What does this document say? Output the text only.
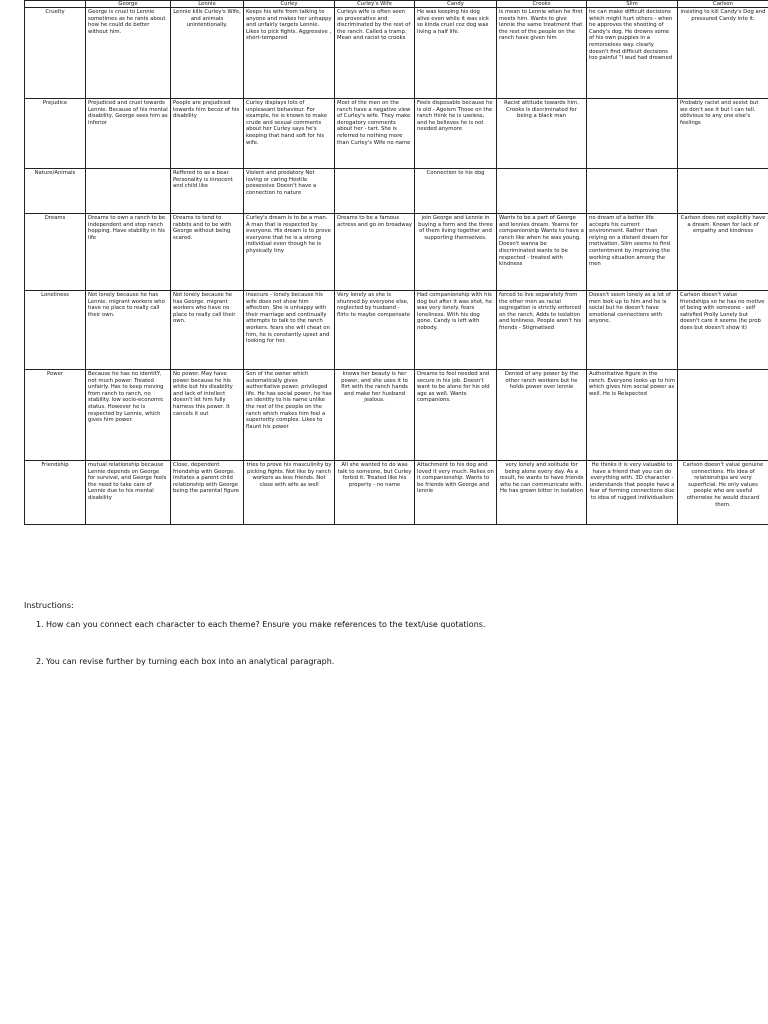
	George	Lennie	Curley	Curley's Wife	Candy	Crooks	Slim	Carlson
Cruelty	George is cruel to Lennie sometimes as he rants about how he could do better without him.	Lennie kills Curley's Wife, and animals unintentionally.	Keeps his wife from talking to anyone and makes her unhappy and unfairly targets Lennie. Likes to pick fights. Aggressive , short-tempered	Curleys wife is often seen as provocative and discriminated by the rest of the ranch. Called a tramp. Mean and racist to crooks	He was keeping his dog alive even while it was sick so kinda cruel coz dog was living a half life.	Is mean to Lennie when he first meets him. Wants to give lennie the same treatment that the rest of the people on the ranch have given him	he can make difficult decisions which might hurt others - when he approves the shooting of Candy's dog. He drowns some of his own puppies in a remorseless way. clearly doesn't find difficult decisions too painful "I wud had drowned	insisting to kill Candy's Dog and pressured Candy into it.
Prejudice	Prejudiced and cruel towards Lennie. Because of his mental disability, George sees him as inferior	People are prejudiced towards him becoz of his disability	Curley displays lots of unpleasant behaviour. For example, he is known to make crude and sexual comments about her Curley says he's keeping that hand soft for his wife.	Most of the men on the ranch have a negative view of Curley's wife. They make derogatory comments about her - tart. She is referred to nothing more than Curley's Wife no name	Feels disposable because he is old - Ageism Those on the ranch think he is useless, and he believes he is not needed anymore	Racist attitude towards him. Crooks is discriminated for being a black man		Probably racist and sexist but we don't see it but I can tell. oblivious to any one else's feelings
Nature/Animals		Reffered to as a bear. Personality is innocent and child like	Violent and predatory Not loving or caring Hostile possessive Doesn't have a connection to nature		Connection to his dog			
Dreams	Dreams to own a ranch to be independent and stop ranch hopping. Have stability in his life	Dreams to tend to rabbits and to be with George without being scared.	Curley's dream is to be a man. A man that is respected by everyone. His dream is to prove everyone that he is a strong individual even though he is physically tiny	Dreams to be a famous actress and go on broadway	join George and Lennie in buying a form and the three of them living together and supporting themselves.	Wants to be a part of George and lennies dream. Yearns for companionship Wants to have a ranch like when he was young. Doesn't wanna be discriminated wants to be respected - treated with kindness	no dream of a better life accepts his current environment. Rather than relying on a distant dream for motivation, Slim seems to find contentment by improving the working situation among the men	Carlson does not explicitly have a dream. Known for lack of empathy and kindness
Loneliness	Not lonely because he has Lennie. migrant workers who have no place to really call their own.	Not lonely because he has George. migrant workers who have no place to really call their own.	Insecure - lonely because his wife does not show him affection. She is unhappy with their marriage and continually attempts to talk to the ranch workers. fears she will cheat on him, he is constantly upset and looking for her.	Very lonely as she is shunned by everyone else, neglected by husband - flirts to maybe compensate	Had companionship with his dog but after it was shot, he was very lonely. fears loneliness. With his dog gone, Candy is left with nobody.	forced to live separately from the other men as racial segregation is strictly enforced on the ranch. Adds to isolation and lonliness. People aren't his friends - Stigmatised	Doesn't seem lonely as a lot of men look up to him and he is social but he doesn't have emotional connections with anyone.	Carlson doesn't value friendships so he has no motive of being with someone - self satisfied Prolly Lonely but doesn't care it seems (he prob does but doesn't show it)
Power	Because he has no identitY, not much power. Treated unfairly. Has to keep moving from ranch to ranch, no stability. low socio-economic status. However he is respected by Lennie, which gives him power.	No power. May have power because he his white but his disability and lack of intellect doesn't let him fully harness this power. It cancels it out	Son of the owner which automatically gives authoritative power. privileged life. He has social power, he has an identity to his name unlike the rest of the people on the ranch which makes him feel a superiority complex. Likes to flaunt his power	knows her beauty is her power, and she uses it to flirt with the ranch hands and make her husband jealous.	Dreams to feel needed and secure in his job. Doesn't want to be alone for his old age as well. Wants companions.	Denied of any power by the other ranch workers but he holds power over lennie	Authoritative figure in the ranch. Everyone looks up to him which gives him social power as well. He is Reispected	
Friendship	mutual relationship because Lennie depends on George for survival, and George feels the need to take care of Lennie due to his mental disability	Close, dependent friendship with George. Imitates a parent child relationship with George being the parental figure	tries to prove his masculinity by picking fights. Not like by ranch workers as less friends. Not close with wife as well	All she wanted to do was talk to someone, but Curley forbid it. Treated like his property - no name	Attachment to his dog and loved it very much. Relies on it companionship. Wants to be friends with George and lennie	very lonely and solitude for being alone every day. As a result, he wants to have friends who he can communicate with. He has grown bitter in isolation	He thinks it is very valuable to have a friend that you can do everything with. 3D character - understands that people have a fear of forming connections due to idea of rugged individualism	Carlson doesn't value genuine connections. His idea of relationships are very superficial. He only values people who are useful otherwise he would discard them.
Instructions:
1. How can you connect each character to each theme? Ensure you make references to the text/use quotations.
2. You can revise further by turning each box into an analytical paragraph.
